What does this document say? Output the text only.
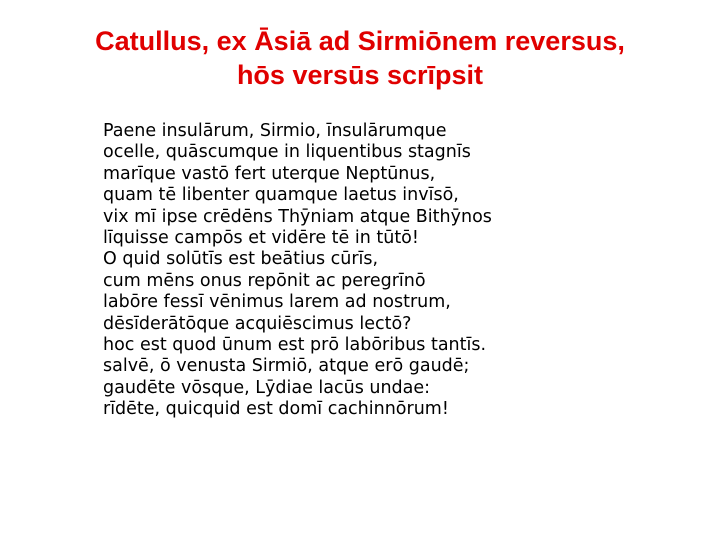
Catullus, ex Āsiā ad Sirmiōnem reversus,
hōs versūs scrīpsit
Paene insulārum, Sirmio, īnsulārumque
ocelle, quāscumque in liquentibus stagnīs
marīque vastō fert uterque Neptūnus,
quam tē libenter quamque laetus invīsō,
vix mī ipse crēdēns Thȳniam atque Bithȳnos
līquisse campōs et vidēre tē in tūtō!
O quid solūtīs est beātius cūrīs,
cum mēns onus repōnit ac peregrīnō
labōre fessī vēnimus larem ad nostrum,
dēsīderātōque acquiēscimus lectō?
hoc est quod ūnum est prō labōribus tantīs.
salvē, ō venusta Sirmiō, atque erō gaudē;
gaudēte vōsque, Lȳdiae lacūs undae:
rīdēte, quicquid est domī cachinnōrum!
